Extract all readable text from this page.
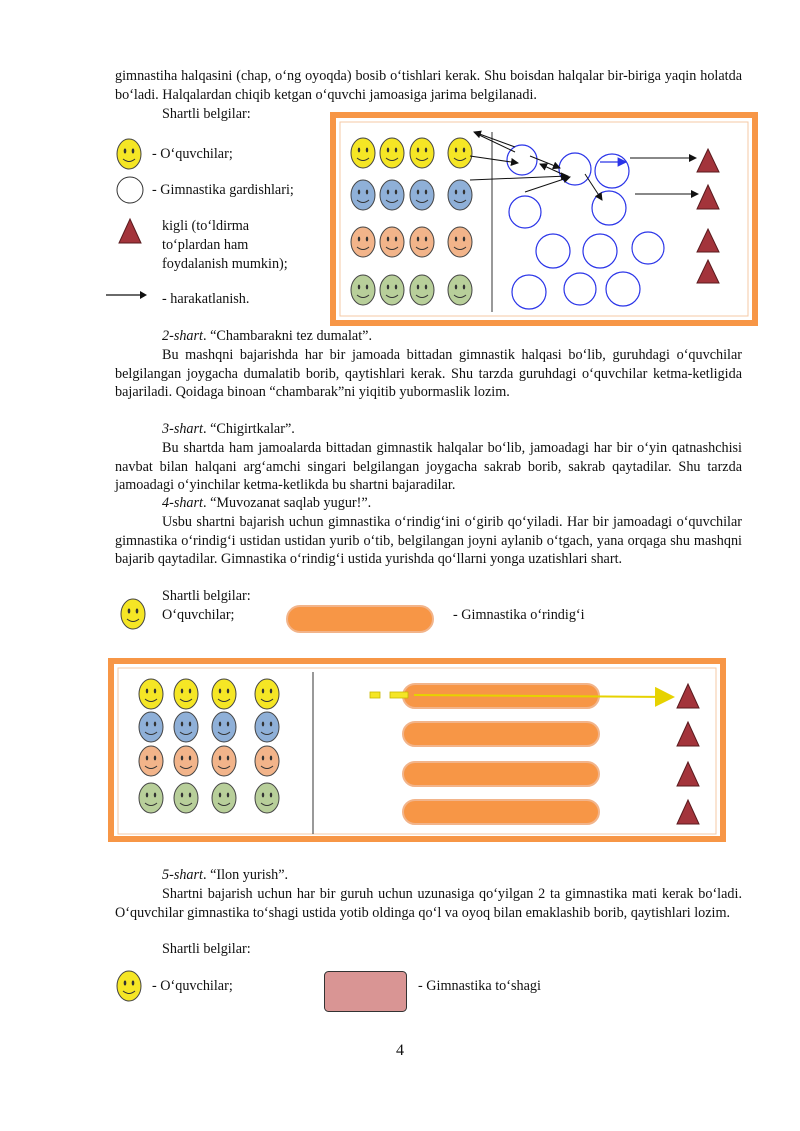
gimnastiha halqasini (chap, o‘ng oyoqda) bosib o‘tishlari kerak. Shu boisdan halqalar bir-biriga yaqin holatda bo‘ladi. Halqalardan chiqib ketgan o‘quvchi jamoasiga jarima belgilanadi.

Shartli belgilar:
- O‘quvchilar;
- Gimnastika gardishlari;
kigli (to‘ldirma
to‘plardan ham
foydalanish mumkin);
- harakatlanish.
2-shart. “Chambarakni tez dumalat”.

Bu mashqni bajarishda har bir jamoada bittadan gimnastik halqasi bo‘lib, guruhdagi o‘quvchilar belgilangan joygacha dumalatib borib, qaytishlari kerak. Shu tarzda guruhdagi o‘quvchilar ketma-ketligida bajariladi. Qoidaga binoan “chambarak”ni yiqitib yubormaslik lozim.

3-shart. “Chigirtkalar”.

Bu shartda ham jamoalarda bittadan gimnastik halqalar bo‘lib, jamoadagi har bir o‘yin qatnashchisi navbat bilan halqani arg‘amchi singari belgilangan joygacha sakrab borib, sakrab qaytadilar. Shu tarzda jamoadagi o‘yinchilar ketma-ketlikda bu shartni bajaradilar.

4-shart. “Muvozanat saqlab yugur!”.

Usbu shartni bajarish uchun gimnastika o‘rindig‘ini o‘girib qo‘yiladi. Har bir jamoadagi o‘quvchilar gimnastika o‘rindig‘i ustidan ustidan yurib o‘tib, belgilangan joyni aylanib o‘tgach, yana orqaga shu mashqni bajarib qaytadilar. Gimnastika o‘rindig‘i ustida yurishda qo‘llarni yonga uzatishlari shart.

Shartli belgilar:
O‘quvchilar;	- Gimnastika o‘rindig‘i
5-shart. “Ilon yurish”.

Shartni bajarish uchun har bir guruh uchun uzunasiga qo‘yilgan 2 ta gimnastika mati kerak bo‘ladi. O‘quvchilar gimnastika to‘shagi ustida yotib oldinga qo‘l va oyoq bilan emaklashib borib, qaytishlari lozim.

Shartli belgilar:
- O‘quvchilar;	- Gimnastika to‘shagi
4
